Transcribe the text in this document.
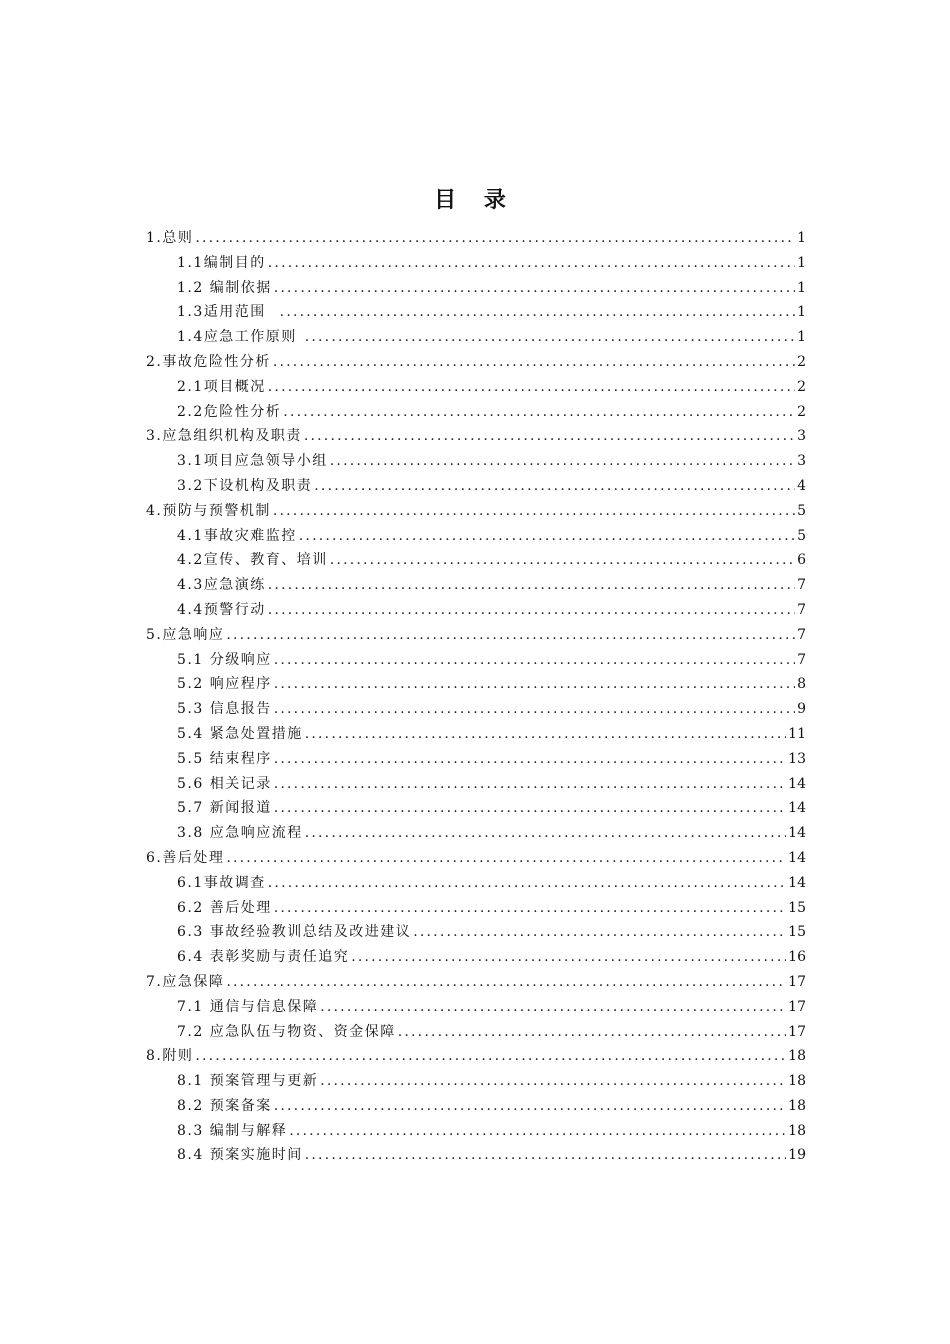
目 录
1.总则 .....	1
1.1编制目的 .....	1
1.2 编制依据 .....	1
1.3适用范围 .....	1
1.4应急工作原则 .....	1
2.事故危险性分析 .....	2
2.1项目概况 .....	2
2.2危险性分析 .....	2
3.应急组织机构及职责 .....	3
3.1项目应急领导小组 .....	3
3.2下设机构及职责 .....	4
4.预防与预警机制 .....	5
4.1事故灾难监控 .....	5
4.2宣传、教育、培训 .....	6
4.3应急演练 .....	7
4.4预警行动 .....	7
5.应急响应 .....	7
5.1 分级响应 .....	7
5.2 响应程序 .....	8
5.3 信息报告 .....	9
5.4 紧急处置措施 .....	11
5.5 结束程序 .....	13
5.6 相关记录 .....	14
5.7 新闻报道 .....	14
3.8 应急响应流程 .....	14
6.善后处理 .....	14
6.1事故调查 .....	14
6.2 善后处理 .....	15
6.3 事故经验教训总结及改进建议 .....	15
6.4 表彰奖励与责任追究 .....	16
7.应急保障 .....	17
7.1 通信与信息保障 .....	17
7.2 应急队伍与物资、资金保障 .....	17
8.附则 .....	18
8.1 预案管理与更新 .....	18
8.2 预案备案 .....	18
8.3 编制与解释 .....	18
8.4 预案实施时间 .....	19
